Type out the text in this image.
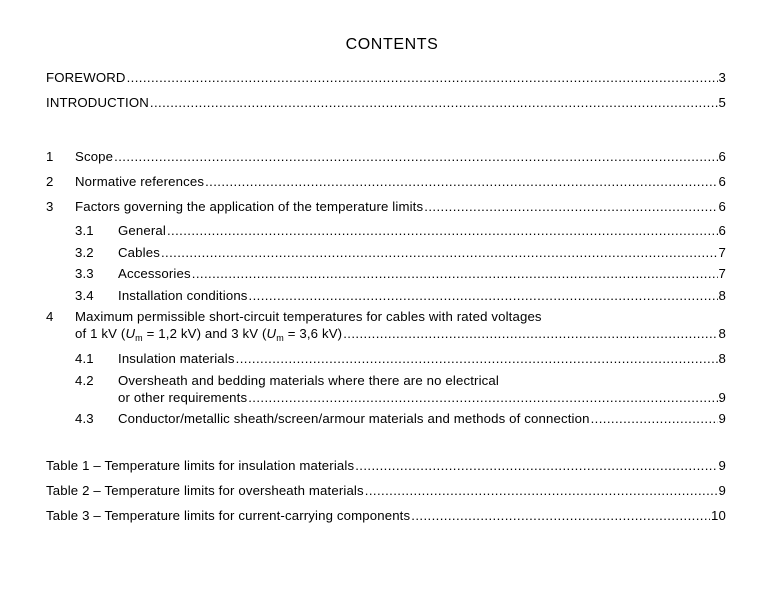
CONTENTS
FOREWORD .....	3
INTRODUCTION .....	5
1	Scope .....	6
2	Normative references .....	6
3	Factors governing the application of the temperature limits .....	6
3.1	General .....	6
3.2	Cables .....	7
3.3	Accessories .....	7
3.4	Installation conditions .....	8
4 Maximum permissible short-circuit temperatures for cables with rated voltages
of 1 kV ($U_m = 1,2$ kV) and 3 kV ($U_m = 3,6$ kV) .....	8
4.1	Insulation materials .....	8
4.2 Oversheath and bedding materials where there are no electrical
or other requirements .....	9
4.3	Conductor/metallic sheath/screen/armour materials and methods of connection .....	9
Table 1 – Temperature limits for insulation materials .....	9
Table 2 – Temperature limits for oversheath materials .....	9
Table 3 – Temperature limits for current-carrying components .....	10
